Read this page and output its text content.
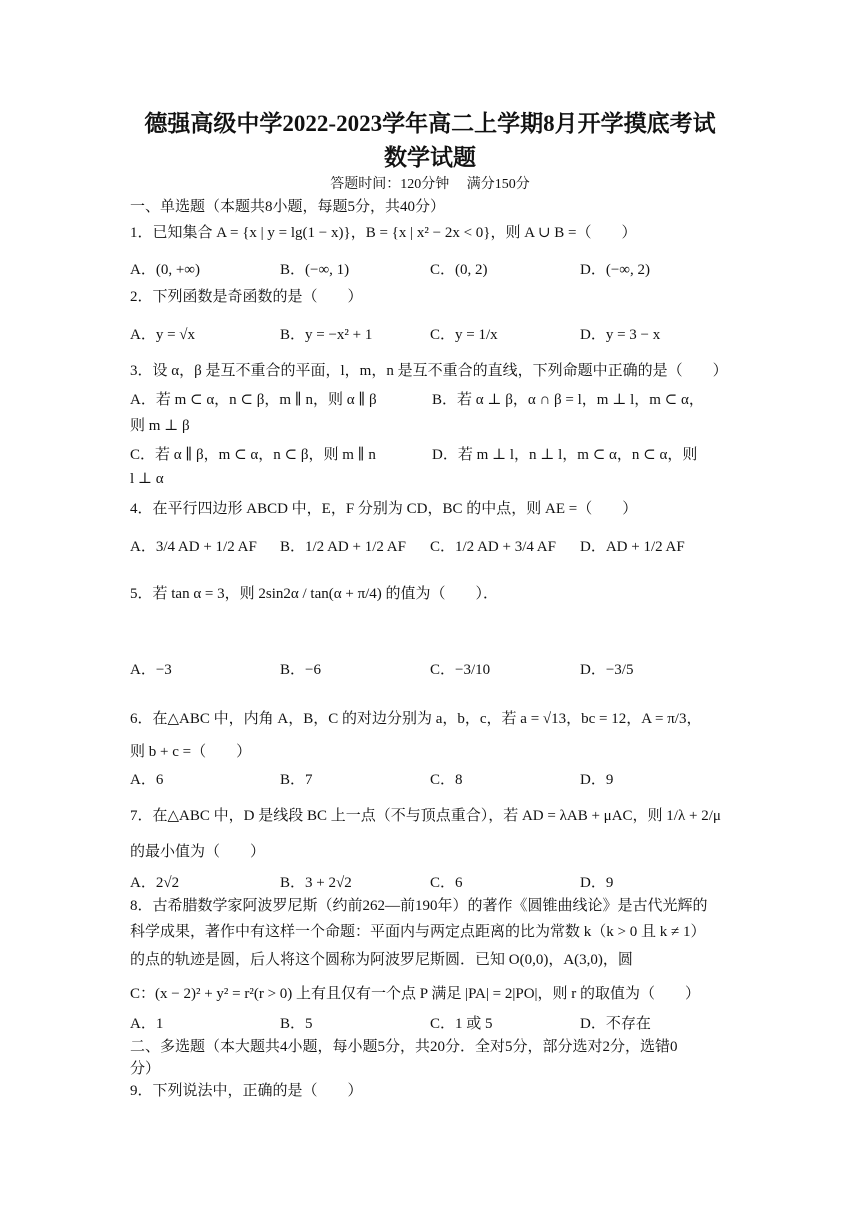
德强高级中学2022-2023学年高二上学期8月开学摸底考试
数学试题
答题时间：120分钟　 满分150分
一、单选题（本题共8小题，每题5分，共40分）
1．已知集合 A = {x | y = lg(1 − x)}，B = {x | x² − 2x < 0}，则 A ∪ B =（　　）
A．(0, +∞)	B．(−∞, 1)	C．(0, 2)	D．(−∞, 2)
2．下列函数是奇函数的是（　　）
A．y = √x	B．y = −x² + 1	C．y = 1/x	D．y = 3 − x
3．设 α，β 是互不重合的平面，l，m，n 是互不重合的直线，下列命题中正确的是（　　）
A．若 m ⊂ α，n ⊂ β，m ∥ n，则 α ∥ β	B．若 α ⊥ β，α ∩ β = l，m ⊥ l，m ⊂ α，
则 m ⊥ β
C．若 α ∥ β，m ⊂ α，n ⊂ β，则 m ∥ n	D．若 m ⊥ l，n ⊥ l，m ⊂ α，n ⊂ α，则
l ⊥ α
4．在平行四边形 ABCD 中，E，F 分别为 CD，BC 的中点，则 AE =（　　）
A．3/4 AD + 1/2 AF B．1/2 AD + 1/2 AF C．1/2 AD + 3/4 AF D．AD + 1/2 AF
5．若 tan α = 3，则 2sin2α / tan(α + π/4) 的值为（　　）．
A．−3	B．−6	C．−3/10	D．−3/5
6．在△ABC 中，内角 A，B，C 的对边分别为 a，b，c，若 a = √13，bc = 12，A = π/3，
则 b + c =（　　）
A．6	B．7	C．8	D．9
7．在△ABC 中，D 是线段 BC 上一点（不与顶点重合），若 AD = λAB + μAC，则 1/λ + 2/μ
的最小值为（　　）
A．2√2	B．3 + 2√2	C．6	D．9
8．古希腊数学家阿波罗尼斯（约前262—前190年）的著作《圆锥曲线论》是古代光辉的
科学成果，著作中有这样一个命题：平面内与两定点距离的比为常数 k（k > 0 且 k ≠ 1）
的点的轨迹是圆，后人将这个圆称为阿波罗尼斯圆．已知 O(0,0)，A(3,0)，圆
C：(x − 2)² + y² = r²(r > 0) 上有且仅有一个点 P 满足 |PA| = 2|PO|，则 r 的取值为（　　）
A．1	B．5	C．1 或 5	D．不存在
二、多选题（本大题共4小题，每小题5分，共20分．全对5分，部分选对2分，选错0
分）
9．下列说法中，正确的是（　　）
